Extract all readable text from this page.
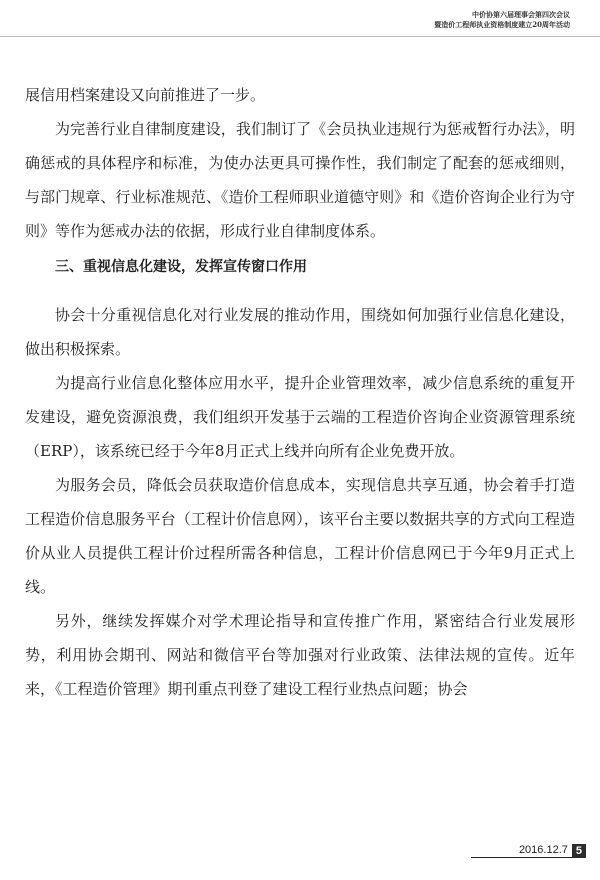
中价协第六届理事会第四次会议
暨造价工程师执业资格制度建立20周年活动

展信用档案建设又向前推进了一步。

为完善行业自律制度建设，我们制订了《会员执业违规行为惩戒暂行办法》，明确惩戒的具体程序和标准，为使办法更具可操作性，我们制定了配套的惩戒细则，与部门规章、行业标准规范、《造价工程师职业道德守则》和《造价咨询企业行为守则》等作为惩戒办法的依据，形成行业自律制度体系。

三、重视信息化建设，发挥宣传窗口作用

协会十分重视信息化对行业发展的推动作用，围绕如何加强行业信息化建设，做出积极探索。

为提高行业信息化整体应用水平，提升企业管理效率，减少信息系统的重复开发建设，避免资源浪费，我们组织开发基于云端的工程造价咨询企业资源管理系统（ERP），该系统已经于今年8月正式上线并向所有企业免费开放。

为服务会员，降低会员获取造价信息成本，实现信息共享互通，协会着手打造工程造价信息服务平台（工程计价信息网），该平台主要以数据共享的方式向工程造价从业人员提供工程计价过程所需各种信息，工程计价信息网已于今年9月正式上线。

另外，继续发挥媒介对学术理论指导和宣传推广作用，紧密结合行业发展形势，利用协会期刊、网站和微信平台等加强对行业政策、法律法规的宣传。近年来，《工程造价管理》期刊重点刊登了建设工程行业热点问题；协会

2016.12.7 5
